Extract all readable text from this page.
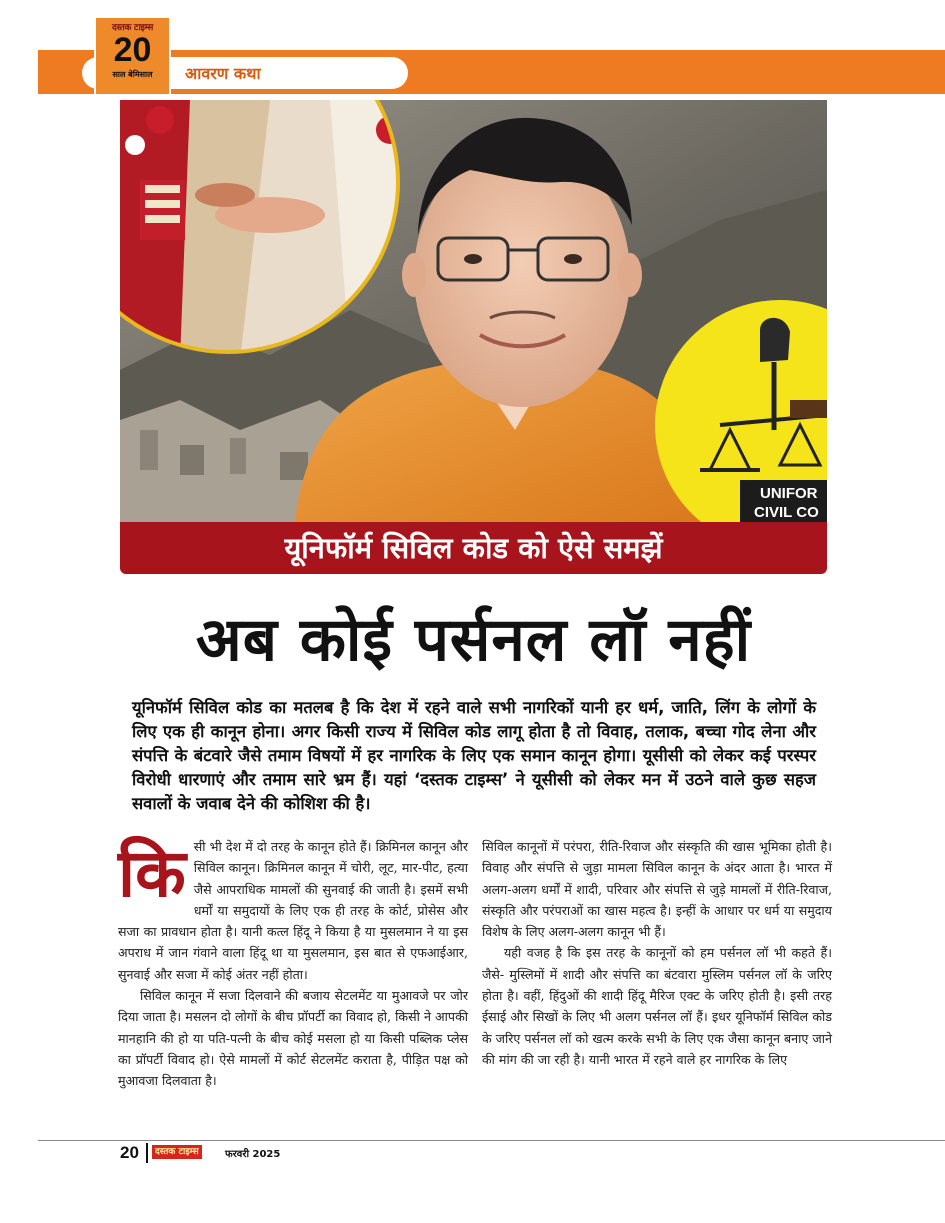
आवरण कथा
दस्तक टाइम्स
20
साल बेमिसाल
UNIFOR
CIVIL CO
यूनिफॉर्म सिविल कोड को ऐसे समझें
अब कोई पर्सनल लॉ नहीं

यूनिफॉर्म सिविल कोड का मतलब है कि देश में रहने वाले सभी नागरिकों यानी हर धर्म, जाति, लिंग के लोगों के लिए एक ही कानून होना। अगर किसी राज्य में सिविल कोड लागू होता है तो विवाह, तलाक, बच्चा गोद लेना और संपत्ति के बंटवारे जैसे तमाम विषयों में हर नागरिक के लिए एक समान कानून होगा। यूसीसी को लेकर कई परस्पर विरोधी धारणाएं और तमाम सारे भ्रम हैं। यहां ‘दस्तक टाइम्स’ ने यूसीसी को लेकर मन में उठने वाले कुछ सहज सवालों के जवाब देने की कोशिश की है।

कि सी भी देश में दो तरह के कानून होते हैं। क्रिमिनल कानून और सिविल कानून। क्रिमिनल कानून में चोरी, लूट, मार-पीट, हत्या जैसे आपराधिक मामलों की सुनवाई की जाती है। इसमें सभी धर्मों या समुदायों के लिए एक ही तरह के कोर्ट, प्रोसेस और सजा का प्रावधान होता है। यानी कत्ल हिंदू ने किया है या मुसलमान ने या इस अपराध में जान गंवाने वाला हिंदू था या मुसलमान, इस बात से एफआईआर, सुनवाई और सजा में कोई अंतर नहीं होता।

सिविल कानून में सजा दिलवाने की बजाय सेटलमेंट या मुआवजे पर जोर दिया जाता है। मसलन दो लोगों के बीच प्रॉपर्टी का विवाद हो, किसी ने आपकी मानहानि की हो या पति-पत्नी के बीच कोई मसला हो या किसी पब्लिक प्लेस का प्रॉपर्टी विवाद हो। ऐसे मामलों में कोर्ट सेटलमेंट कराता है, पीड़ित पक्ष को मुआवजा दिलवाता है।

सिविल कानूनों में परंपरा, रीति-रिवाज और संस्कृति की खास भूमिका होती है। विवाह और संपत्ति से जुड़ा मामला सिविल कानून के अंदर आता है। भारत में अलग-अलग धर्मों में शादी, परिवार और संपत्ति से जुड़े मामलों में रीति-रिवाज, संस्कृति और परंपराओं का खास महत्व है। इन्हीं के आधार पर धर्म या समुदाय विशेष के लिए अलग-अलग कानून भी हैं।

यही वजह है कि इस तरह के कानूनों को हम पर्सनल लॉ भी कहते हैं। जैसे- मुस्लिमों में शादी और संपत्ति का बंटवारा मुस्लिम पर्सनल लॉ के जरिए होता है। वहीं, हिंदुओं की शादी हिंदू मैरिज एक्ट के जरिए होती है। इसी तरह ईसाई और सिखों के लिए भी अलग पर्सनल लॉ हैं। इधर यूनिफॉर्म सिविल कोड के जरिए पर्सनल लॉ को खत्म करके सभी के लिए एक जैसा कानून बनाए जाने की मांग की जा रही है। यानी भारत में रहने वाले हर नागरिक के लिए

20	दस्तक टाइम्स	फरवरी 2025
